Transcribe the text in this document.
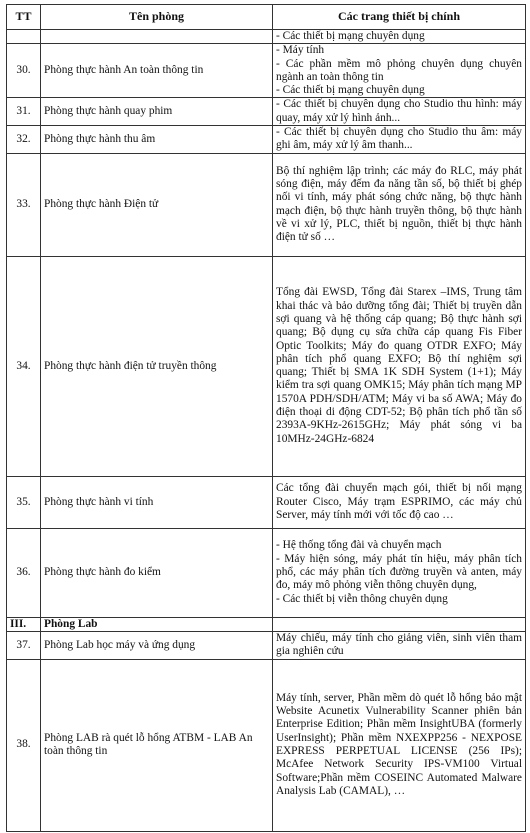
TT	Tên phòng	Các trang thiết bị chính

		- Các thiết bị mạng chuyên dụng

30.	Phòng thực hành An toàn thông tin	- Máy tính
- Các phần mềm mô phỏng chuyên dụng chuyên ngành an toàn thông tin
- Các thiết bị mạng chuyên dụng

31.	Phòng thực hành quay phim	- Các thiết bị chuyên dụng cho Studio thu hình: máy quay, máy xử lý hình ảnh...

32.	Phòng thực hành thu âm	- Các thiết bị chuyên dụng cho Studio thu âm: máy ghi âm, máy xử lý âm thanh...

33.	Phòng thực hành Điện tử	Bộ thí nghiệm lập trình; các máy đo RLC, máy phát sóng điện, máy đếm đa năng tần số, bộ thiết bị ghép nối vi tính, máy phát sóng chức năng, bộ thực hành mạch điện, bộ thực hành truyền thông, bộ thực hành về vi xử lý, PLC, thiết bị nguồn, thiết bị thực hành điện tử số …

34.	Phòng thực hành điện tử truyền thông	Tổng đài EWSD, Tổng đài Starex –IMS, Trung tâm khai thác và bảo dưỡng tổng đài; Thiết bị truyền dẫn sợi quang và hệ thống cáp quang; Bộ thực hành sợi quang; Bộ dụng cụ sửa chữa cáp quang Fis Fiber Optic Toolkits; Máy đo quang OTDR EXFO; Máy phân tích phổ quang EXFO; Bộ thí nghiệm sợi quang; Thiết bị SMA 1K SDH System (1+1); Máy kiểm tra sợi quang OMK15; Máy phân tích mạng MP 1570A PDH/SDH/ATM; Máy vi ba số AWA; Máy đo điện thoại di động CDT-52; Bộ phân tích phổ tần số 2393A-9KHz-2615GHz; Máy phát sóng vi ba 10MHz-24GHz-6824

35.	Phòng thực hành vi tính	Các tổng đài chuyển mạch gói, thiết bị nối mạng Router Cisco, Máy trạm ESPRIMO, các máy chủ Server, máy tính mới với tốc độ cao …

36.	Phòng thực hành đo kiểm	- Hệ thống tổng đài và chuyển mạch
- Máy hiện sóng, máy phát tín hiệu, máy phân tích phổ, các máy phân tích đường truyền và anten, máy đo, máy mô phỏng viễn thông chuyên dụng,
- Các thiết bị viễn thông chuyên dụng

III.	Phòng Lab	
37.	Phòng Lab học máy và ứng dụng	Máy chiếu, máy tính cho giảng viên, sinh viên tham gia nghiên cứu

38.	Phòng LAB rà quét lỗ hổng ATBM - LAB An toàn thông tin	Máy tính, server, Phần mềm dò quét lỗ hổng bảo mật Website Acunetix Vulnerability Scanner phiên bản Enterprise Edition; Phần mềm InsightUBA (formerly UserInsight); Phần mềm NXEXPP256 - NEXPOSE EXPRESS PERPETUAL LICENSE (256 IPs); McAfee Network Security IPS-VM100 Virtual Software;Phần mềm COSEINC Automated Malware Analysis Lab (CAMAL), …
